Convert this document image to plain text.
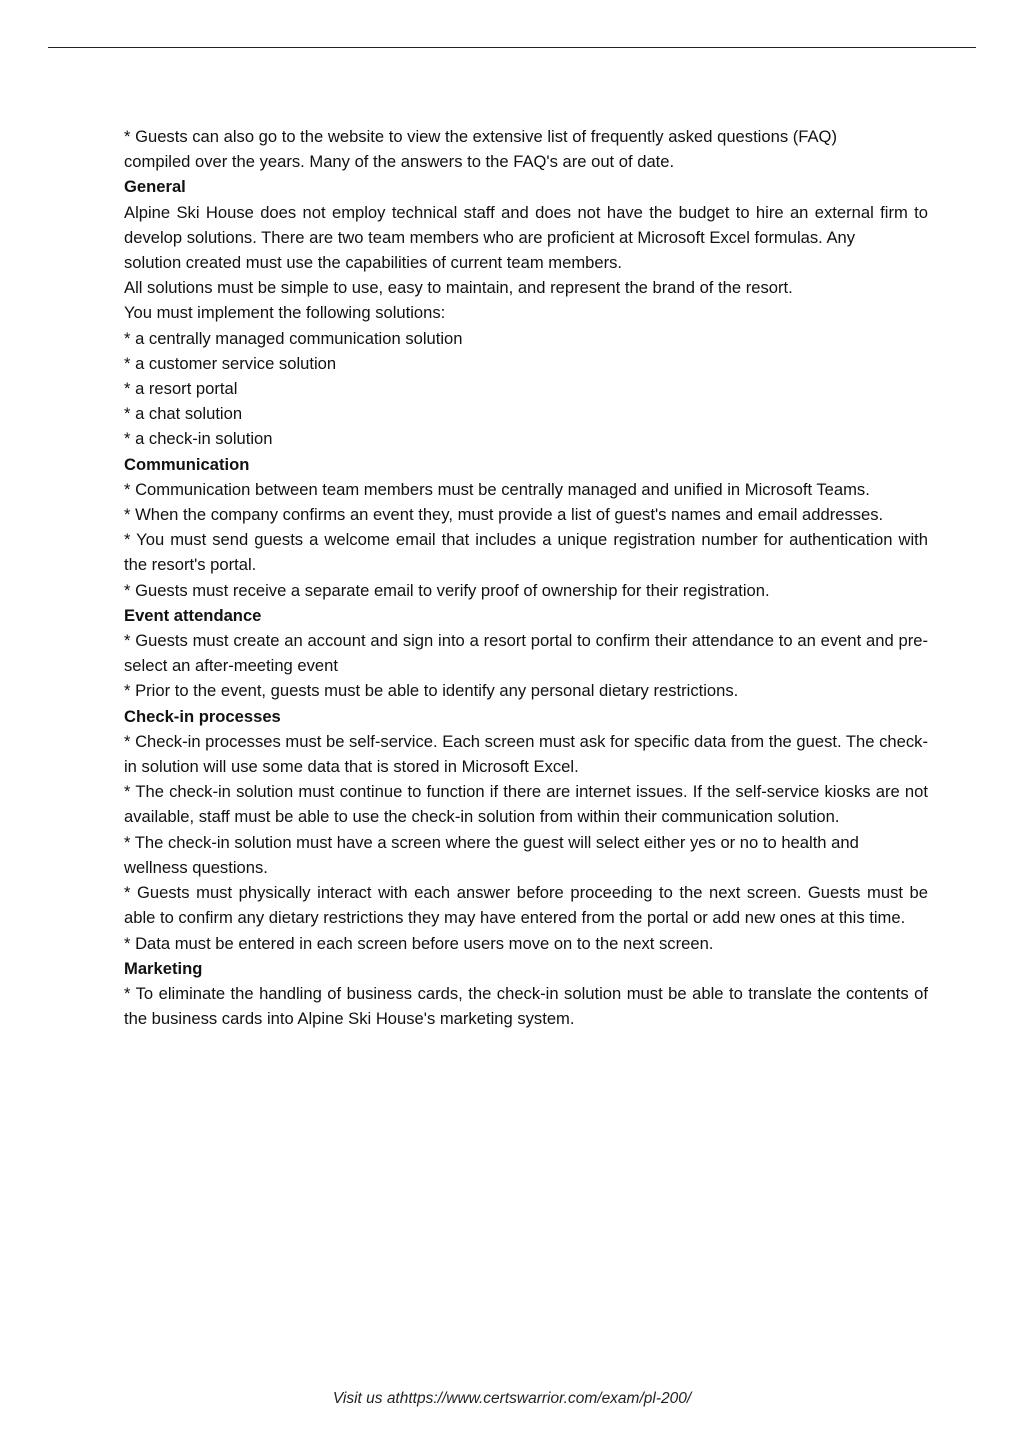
* Guests can also go to the website to view the extensive list of frequently asked questions (FAQ)

compiled over the years. Many of the answers to the FAQ's are out of date.

General

Alpine Ski House does not employ technical staff and does not have the budget to hire an external firm to develop solutions. There are two team members who are proficient at Microsoft Excel formulas. Any

solution created must use the capabilities of current team members.

All solutions must be simple to use, easy to maintain, and represent the brand of the resort.

You must implement the following solutions:

* a centrally managed communication solution

* a customer service solution

* a resort portal

* a chat solution

* a check-in solution

Communication

* Communication between team members must be centrally managed and unified in Microsoft Teams.

* When the company confirms an event they, must provide a list of guest's names and email addresses.

* You must send guests a welcome email that includes a unique registration number for authentication with the resort's portal.

* Guests must receive a separate email to verify proof of ownership for their registration.

Event attendance

* Guests must create an account and sign into a resort portal to confirm their attendance to an event and pre-select an after-meeting event

* Prior to the event, guests must be able to identify any personal dietary restrictions.

Check-in processes

* Check-in processes must be self-service. Each screen must ask for specific data from the guest. The check-in solution will use some data that is stored in Microsoft Excel.

* The check-in solution must continue to function if there are internet issues. If the self-service kiosks are not available, staff must be able to use the check-in solution from within their communication solution.

* The check-in solution must have a screen where the guest will select either yes or no to health and

wellness questions.

* Guests must physically interact with each answer before proceeding to the next screen. Guests must be able to confirm any dietary restrictions they may have entered from the portal or add new ones at this time.

* Data must be entered in each screen before users move on to the next screen.

Marketing

* To eliminate the handling of business cards, the check-in solution must be able to translate the contents of the business cards into Alpine Ski House's marketing system.

Visit us athttps://www.certswarrior.com/exam/pl-200/
